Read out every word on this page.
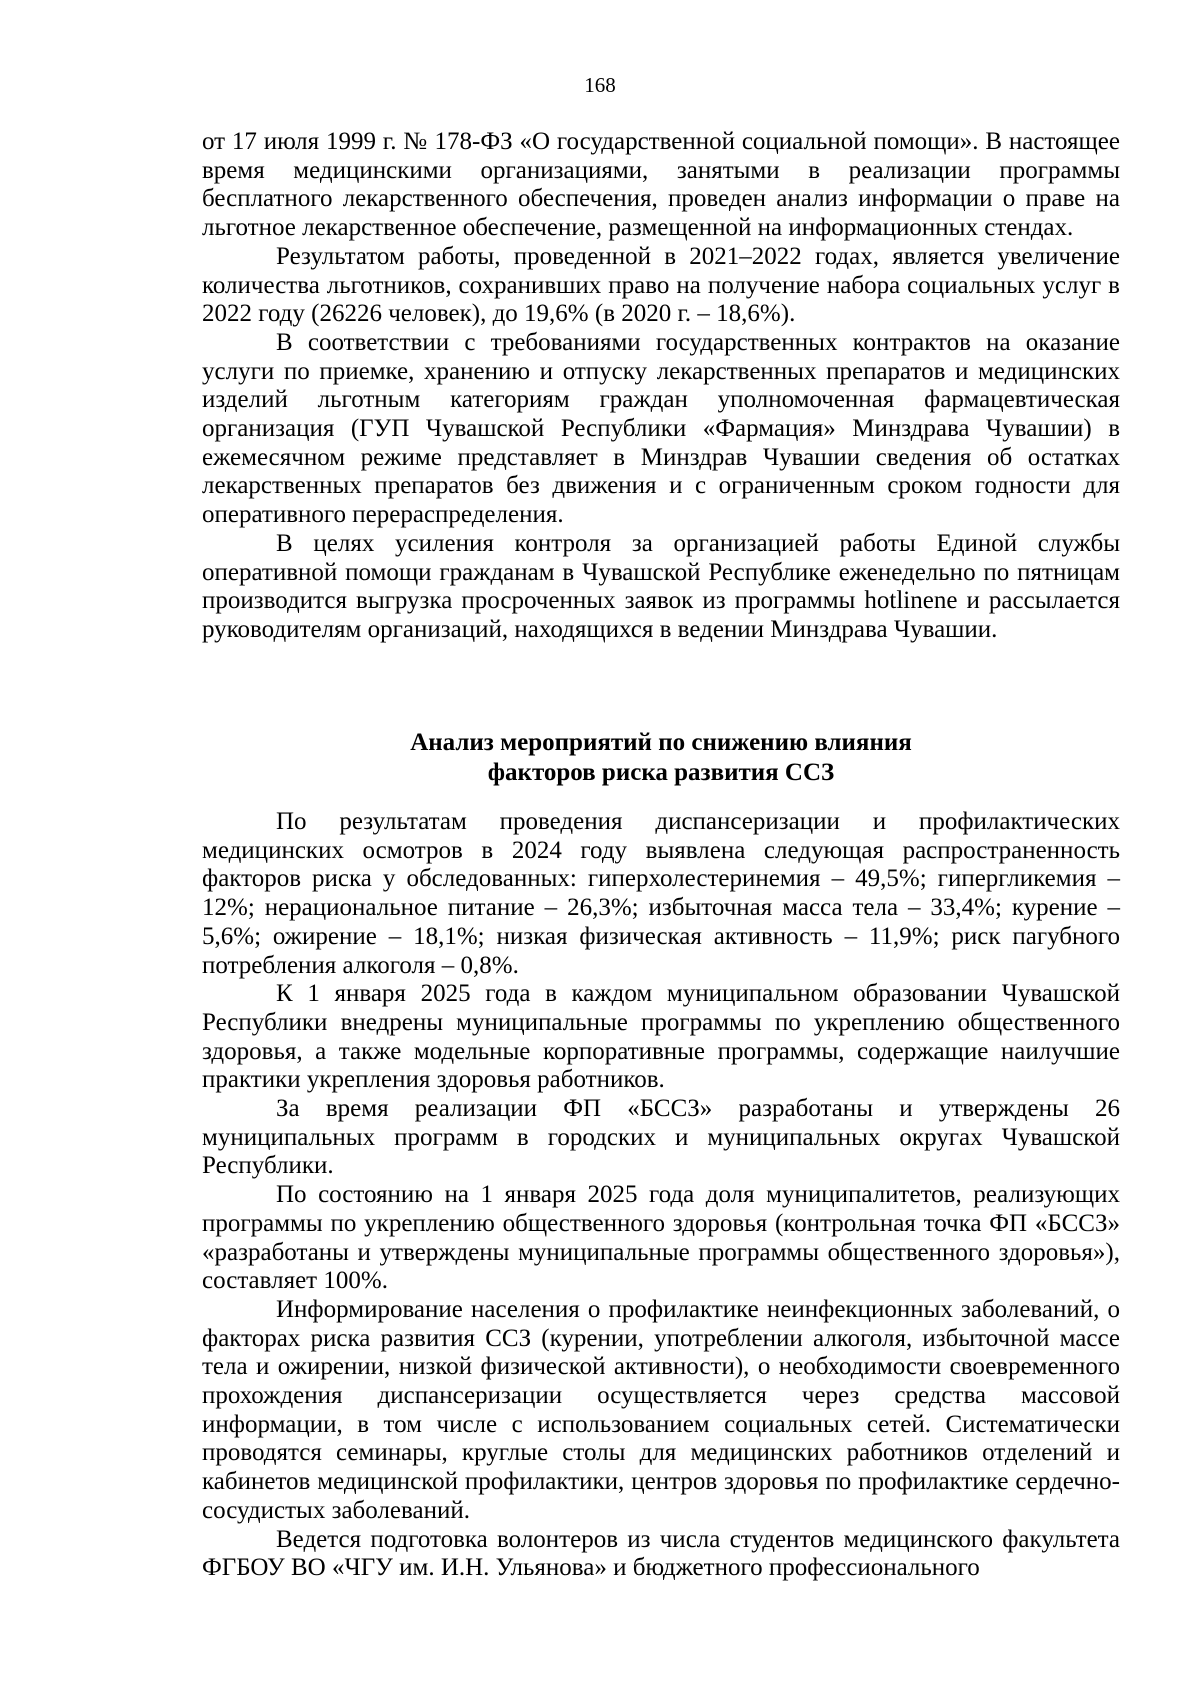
168

от 17 июля 1999 г. № 178-ФЗ «О государственной социальной помощи». В настоящее время медицинскими организациями, занятыми в реализации программы бесплатного лекарственного обеспечения, проведен анализ информации о праве на льготное лекарственное обеспечение, размещенной на информационных стендах.

Результатом работы, проведенной в 2021–2022 годах, является увеличение количества льготников, сохранивших право на получение набора социальных услуг в 2022 году (26226 человек), до 19,6% (в 2020 г. – 18,6%).

В соответствии с требованиями государственных контрактов на оказание услуги по приемке, хранению и отпуску лекарственных препаратов и медицинских изделий льготным категориям граждан уполномоченная фармацевтическая организация (ГУП Чувашской Республики «Фармация» Минздрава Чувашии) в ежемесячном режиме представляет в Минздрав Чувашии сведения об остатках лекарственных препаратов без движения и с ограниченным сроком годности для оперативного перераспределения.

В целях усиления контроля за организацией работы Единой службы оперативной помощи гражданам в Чувашской Республике еженедельно по пятницам производится выгрузка просроченных заявок из программы hotlinene и рассылается руководителям организаций, находящихся в ведении Минздрава Чувашии.

Анализ мероприятий по снижению влияния
факторов риска развития ССЗ

По результатам проведения диспансеризации и профилактических медицинских осмотров в 2024 году выявлена следующая распространенность факторов риска у обследованных: гиперхолестеринемия – 49,5%; гипергликемия – 12%; нерациональное питание – 26,3%; избыточная масса тела – 33,4%; курение – 5,6%; ожирение – 18,1%; низкая физическая активность – 11,9%; риск пагубного потребления алкоголя – 0,8%.

К 1 января 2025 года в каждом муниципальном образовании Чувашской Республики внедрены муниципальные программы по укреплению общественного здоровья, а также модельные корпоративные программы, содержащие наилучшие практики укрепления здоровья работников.

За время реализации ФП «БССЗ» разработаны и утверждены 26 муниципальных программ в городских и муниципальных округах Чувашской Республики.

По состоянию на 1 января 2025 года доля муниципалитетов, реализующих программы по укреплению общественного здоровья (контрольная точка ФП «БССЗ» «разработаны и утверждены муниципальные программы общественного здоровья»), составляет 100%.

Информирование населения о профилактике неинфекционных заболеваний, о факторах риска развития ССЗ (курении, употреблении алкоголя, избыточной массе тела и ожирении, низкой физической активности), о необходимости своевременного прохождения диспансеризации осуществляется через средства массовой информации, в том числе с использованием социальных сетей. Систематически проводятся семинары, круглые столы для медицинских работников отделений и кабинетов медицинской профилактики, центров здоровья по профилактике сердечно-сосудистых заболеваний.

Ведется подготовка волонтеров из числа студентов медицинского факультета ФГБОУ ВО «ЧГУ им. И.Н. Ульянова» и бюджетного профессионального
